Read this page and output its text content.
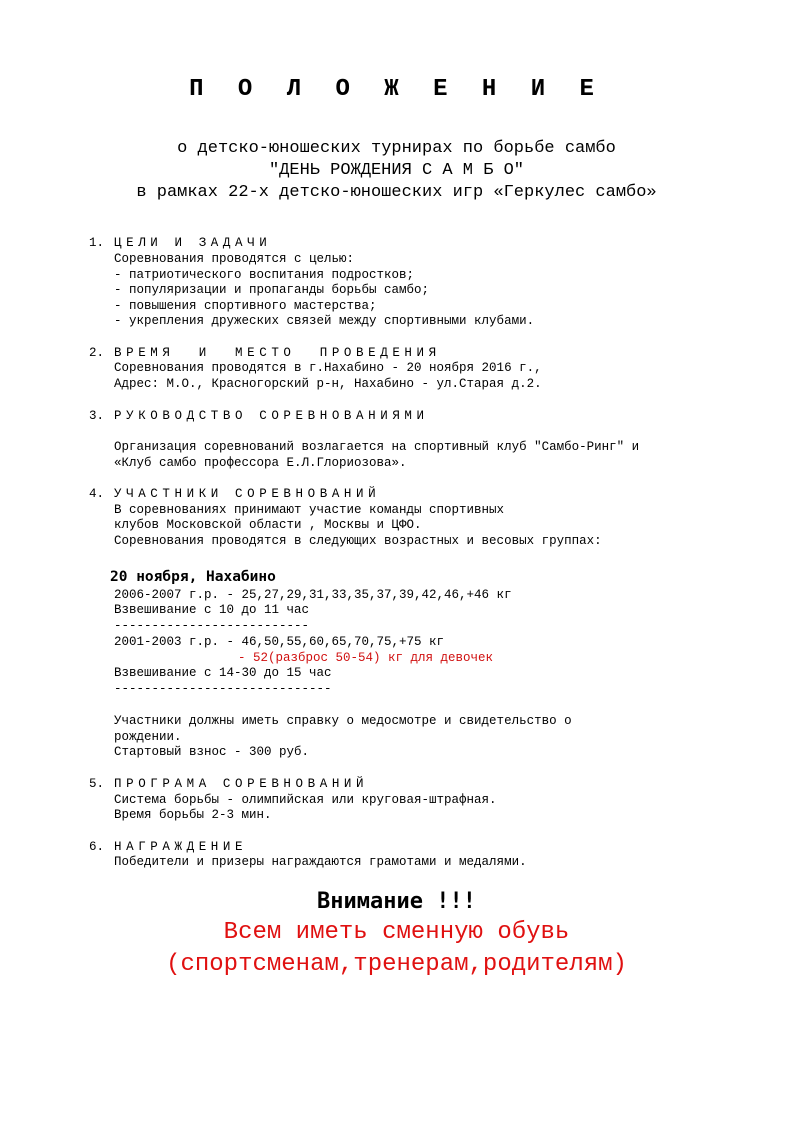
П О Л О Ж Е Н И Е
о детско-юношеских турнирах по борьбе самбо
"ДЕНЬ РОЖДЕНИЯ С А М Б О"
в рамках 22-х детско-юношеских игр «Геркулес самбо»
1. ЦЕЛИ И ЗАДАЧИ
Соревнования проводятся с целью:
- патриотического воспитания подростков;
- популяризации и пропаганды борьбы самбо;
- повышения спортивного мастерства;
- укрепления дружеских связей между спортивными клубами.
2. ВРЕМЯ  И  МЕСТО  ПРОВЕДЕНИЯ
Соревнования проводятся в г.Нахабино - 20 ноября 2016 г.,
Адрес: М.О., Красногорский р-н, Нахабино - ул.Старая д.2.
3. РУКОВОДСТВО СОРЕВНОВАНИЯМИ
Организация соревнований возлагается на спортивный клуб "Самбо-Ринг" и
«Клуб самбо профессора Е.Л.Глориозова».
4. УЧАСТНИКИ СОРЕВНОВАНИЙ
В соревнованиях принимают участие команды спортивных
клубов Московской области , Москвы и ЦФО.
Соревнования проводятся в следующих возрастных и весовых группах:
20 ноября, Нахабино
2006-2007 г.р. - 25,27,29,31,33,35,37,39,42,46,+46 кг
Взвешивание с 10 до 11 час
--------------------------
2001-2003 г.р. - 46,50,55,60,65,70,75,+75 кг
- 52(разброс 50-54) кг для девочек
Взвешивание с 14-30 до 15 час
-----------------------------
Участники должны иметь справку о медосмотре и свидетельство о
рождении.
Стартовый взнос - 300 руб.
5. ПРОГРАМА СОРЕВНОВАНИЙ
Система борьбы - олимпийская или круговая-штрафная.
Время борьбы 2-3 мин.
6. НАГРАЖДЕНИЕ
Победители и призеры награждаются грамотами и медалями.
Внимание !!!
Всем иметь сменную обувь
(спортсменам,тренерам,родителям)
